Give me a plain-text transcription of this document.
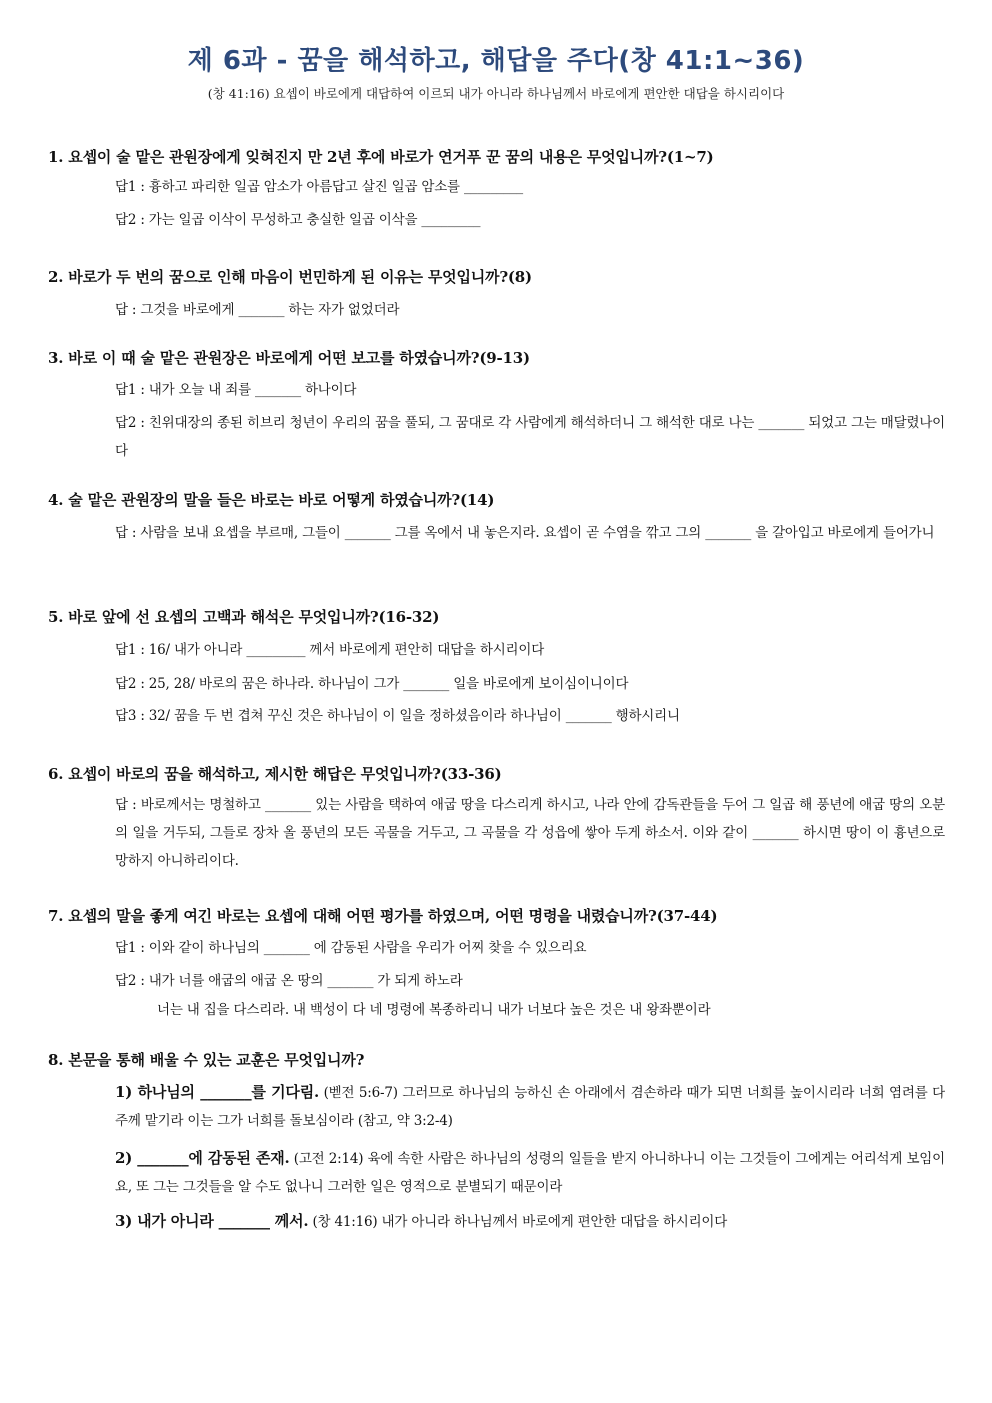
제 6과 - 꿈을 해석하고, 해답을 주다(창 41:1~36)
(창 41:16) 요셉이 바로에게 대답하여 이르되 내가 아니라 하나님께서 바로에게 편안한 대답을 하시리이다
1. 요셉이 술 맡은 관원장에게 잊혀진지 만 2년 후에 바로가 연거푸 꾼 꿈의 내용은 무엇입니까?(1~7)
답1 : 흉하고 파리한 일곱 암소가 아름답고 살진 일곱 암소를 _________
답2 : 가는 일곱 이삭이 무성하고 충실한 일곱 이삭을 _________
2. 바로가 두 번의 꿈으로 인해 마음이 번민하게 된 이유는 무엇입니까?(8)
답 : 그것을 바로에게 _______ 하는 자가 없었더라
3. 바로 이 때 술 맡은 관원장은 바로에게 어떤 보고를 하였습니까?(9-13)
답1 : 내가 오늘 내 죄를 _______ 하나이다
답2 : 친위대장의 종된 히브리 청년이 우리의 꿈을 풀되, 그 꿈대로 각 사람에게 해석하더니 그 해석한 대로 나는 _______ 되었고 그는 매달렸나이다
4. 술 맡은 관원장의 말을 들은 바로는 바로 어떻게 하였습니까?(14)
답 : 사람을 보내 요셉을 부르매, 그들이 _______ 그를 옥에서 내 놓은지라. 요셉이 곧 수염을 깎고 그의 _______ 을 갈아입고 바로에게 들어가니
5. 바로 앞에 선 요셉의 고백과 해석은 무엇입니까?(16-32)
답1 : 16/ 내가 아니라 _________ 께서 바로에게 편안히 대답을 하시리이다
답2 : 25, 28/ 바로의 꿈은 하나라. 하나님이 그가 _______ 일을 바로에게 보이심이니이다
답3 : 32/ 꿈을 두 번 겹쳐 꾸신 것은 하나님이 이 일을 정하셨음이라 하나님이 _______ 행하시리니
6. 요셉이 바로의 꿈을 해석하고, 제시한 해답은 무엇입니까?(33-36)
답 : 바로께서는 명철하고 _______ 있는 사람을 택하여 애굽 땅을 다스리게 하시고, 나라 안에 감독관들을 두어 그 일곱 해 풍년에 애굽 땅의 오분의 일을 거두되, 그들로 장차 올 풍년의 모든 곡물을 거두고, 그 곡물을 각 성읍에 쌓아 두게 하소서. 이와 같이 _______ 하시면 땅이 이 흉년으로 망하지 아니하리이다.
7. 요셉의 말을 좋게 여긴 바로는 요셉에 대해 어떤 평가를 하였으며, 어떤 명령을 내렸습니까?(37-44)
답1 : 이와 같이 하나님의 _______ 에 감동된 사람을 우리가 어찌 찾을 수 있으리요
답2 : 내가 너를 애굽의 애굽 온 땅의 _______ 가 되게 하노라
너는 내 집을 다스리라. 내 백성이 다 네 명령에 복종하리니 내가 너보다 높은 것은 내 왕좌뿐이라
8. 본문을 통해 배울 수 있는 교훈은 무엇입니까?
1) 하나님의 _______를 기다림. (벧전 5:6-7) 그러므로 하나님의 능하신 손 아래에서 겸손하라 때가 되면 너희를 높이시리라 너희 염려를 다 주께 맡기라 이는 그가 너희를 돌보심이라 (참고, 약 3:2-4)
2) _______에 감동된 존재. (고전 2:14) 육에 속한 사람은 하나님의 성령의 일들을 받지 아니하나니 이는 그것들이 그에게는 어리석게 보임이요, 또 그는 그것들을 알 수도 없나니 그러한 일은 영적으로 분별되기 때문이라
3) 내가 아니라 _______ 께서. (창 41:16) 내가 아니라 하나님께서 바로에게 편안한 대답을 하시리이다
